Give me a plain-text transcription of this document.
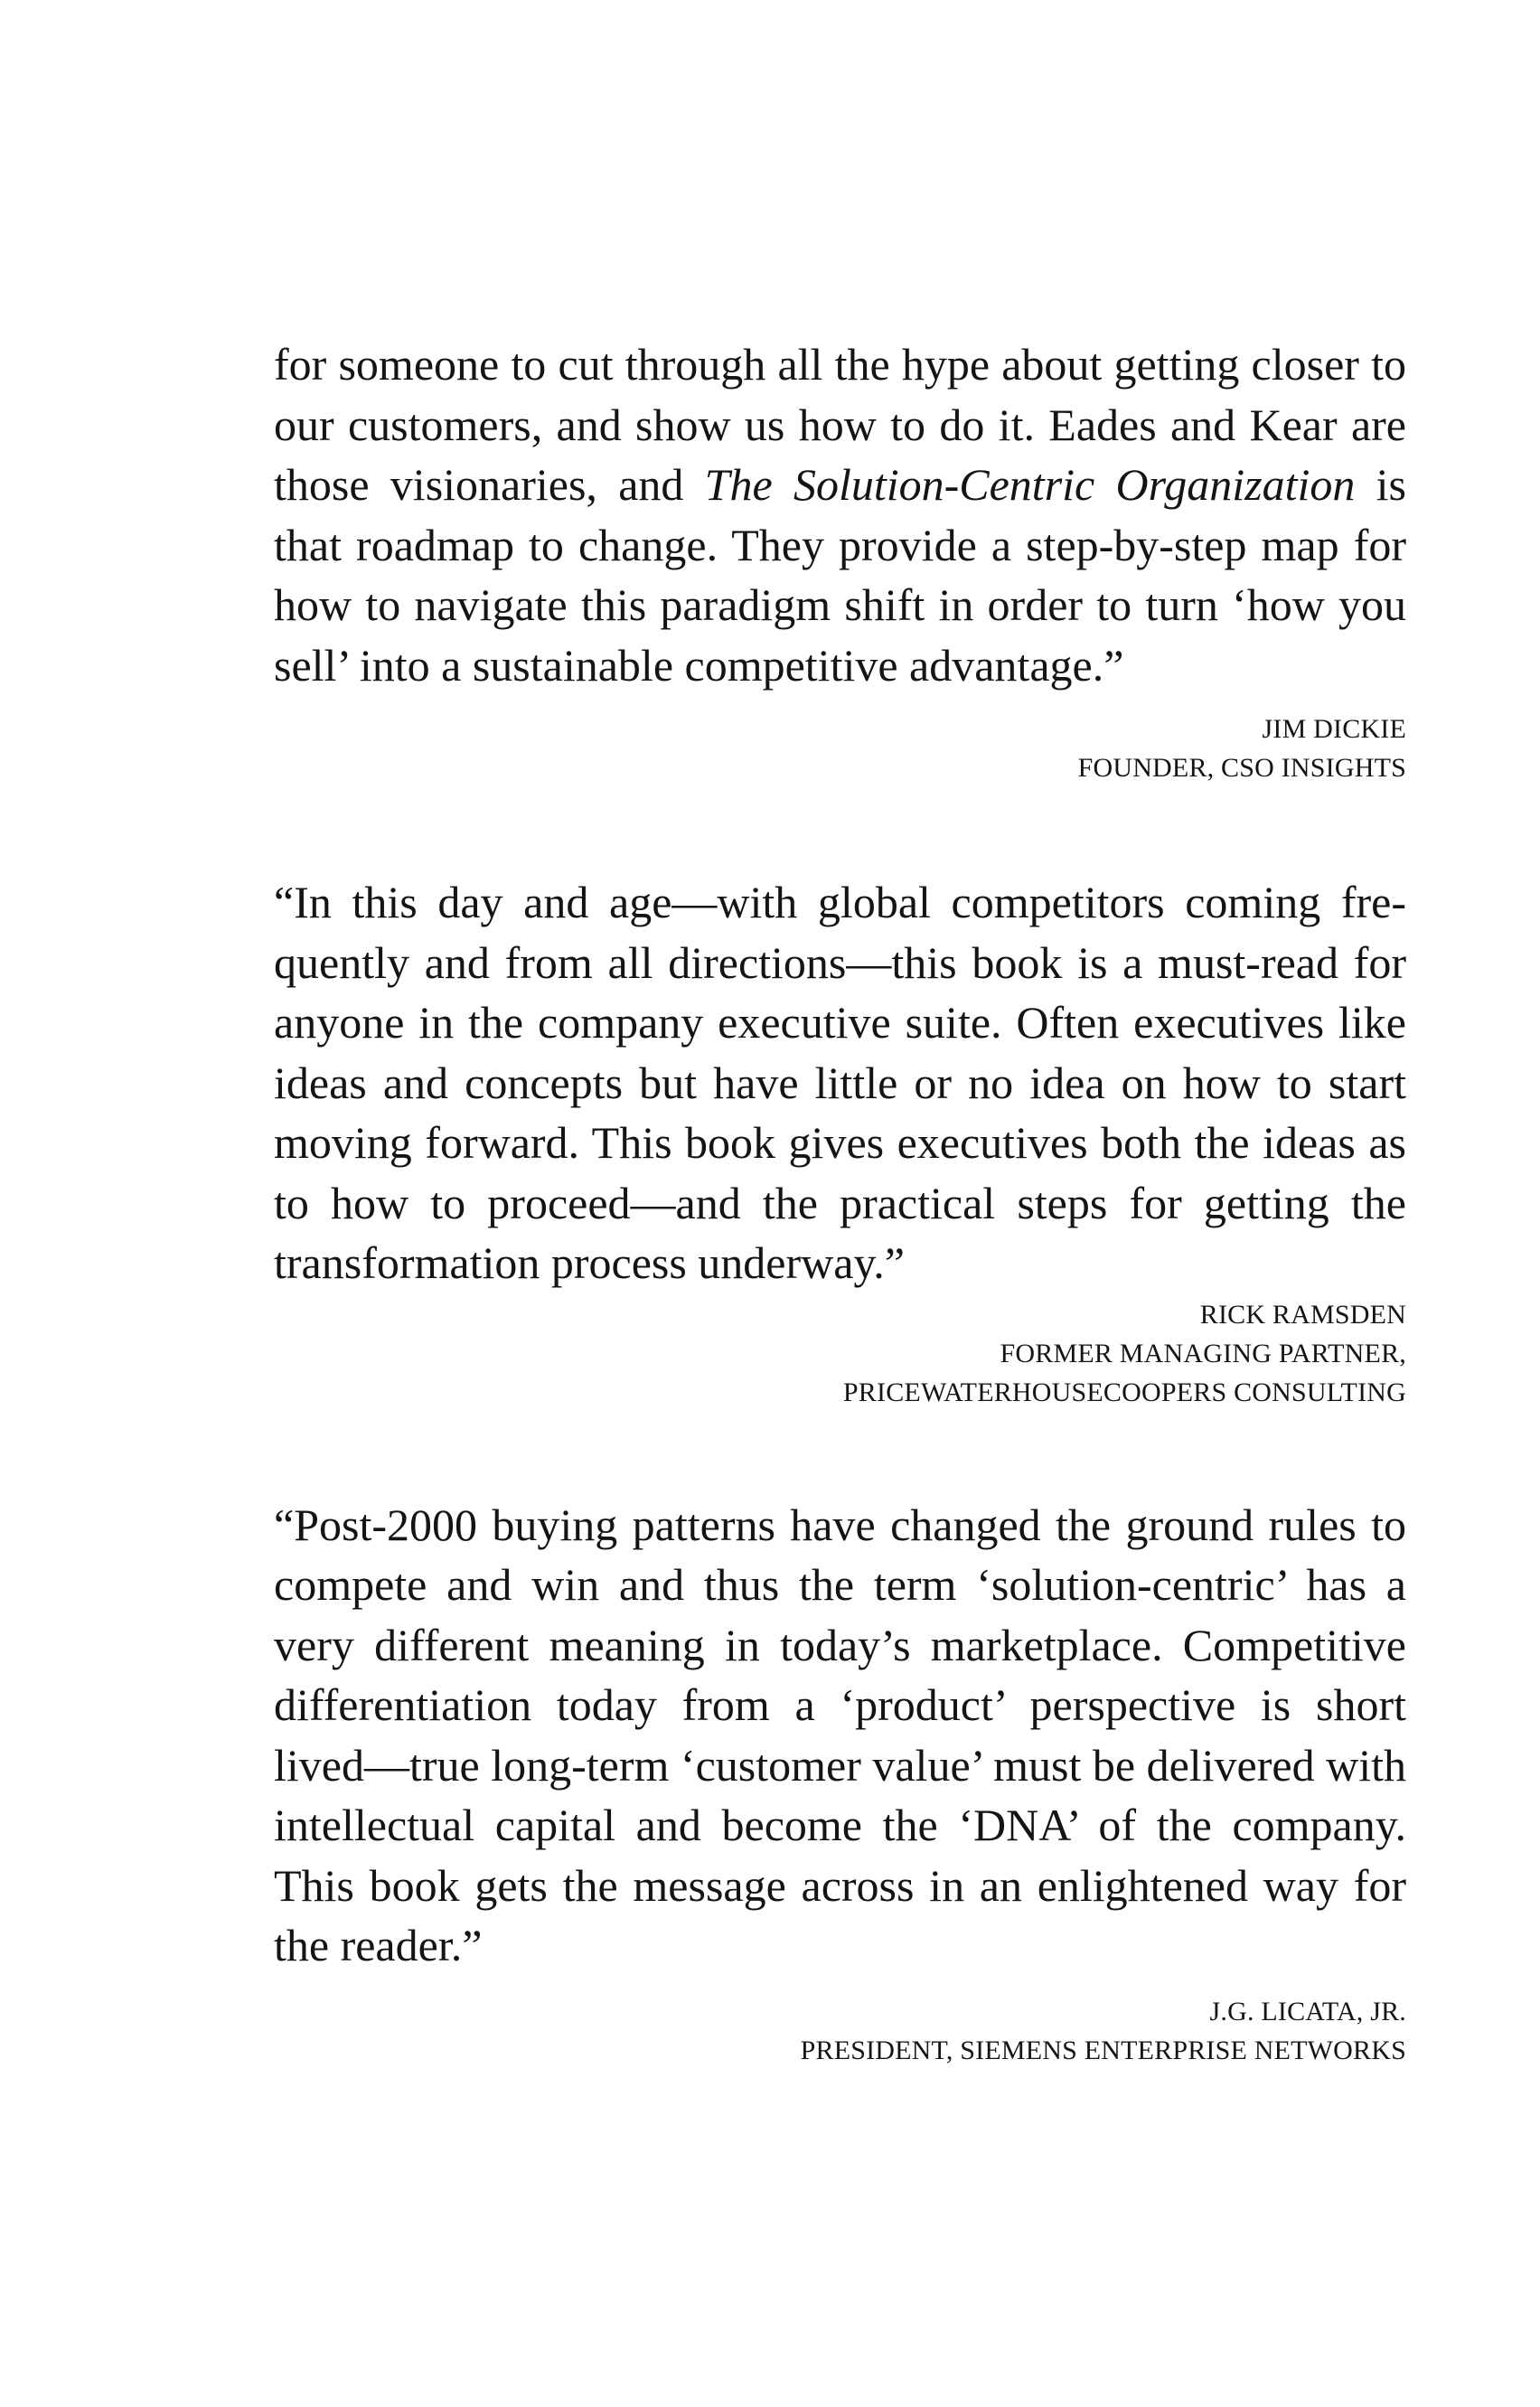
for someone to cut through all the hype about getting closer to our customers, and show us how to do it. Eades and Kear are those visionaries, and The Solution-Centric Organization is that roadmap to change. They provide a step-by-step map for how to navigate this paradigm shift in order to turn ‘how you sell’ into a sustainable competitive advantage.”

JIM DICKIE
FOUNDER, CSO INSIGHTS

“In this day and age—with global competitors coming frequently and from all directions—this book is a must-read for anyone in the company executive suite. Often executives like ideas and concepts but have little or no idea on how to start moving forward. This book gives executives both the ideas as to how to proceed—and the practical steps for getting the transformation process underway.”

RICK RAMSDEN
FORMER MANAGING PARTNER,
PRICEWATERHOUSECOOPERS CONSULTING

“Post-2000 buying patterns have changed the ground rules to compete and win and thus the term ‘solution-centric’ has a very different meaning in today’s marketplace. Competitive differentiation today from a ‘product’ perspective is short lived—true long-term ‘customer value’ must be delivered with intellectual capital and become the ‘DNA’ of the company. This book gets the message across in an enlightened way for the reader.”

J.G. LICATA, JR.
PRESIDENT, SIEMENS ENTERPRISE NETWORKS
